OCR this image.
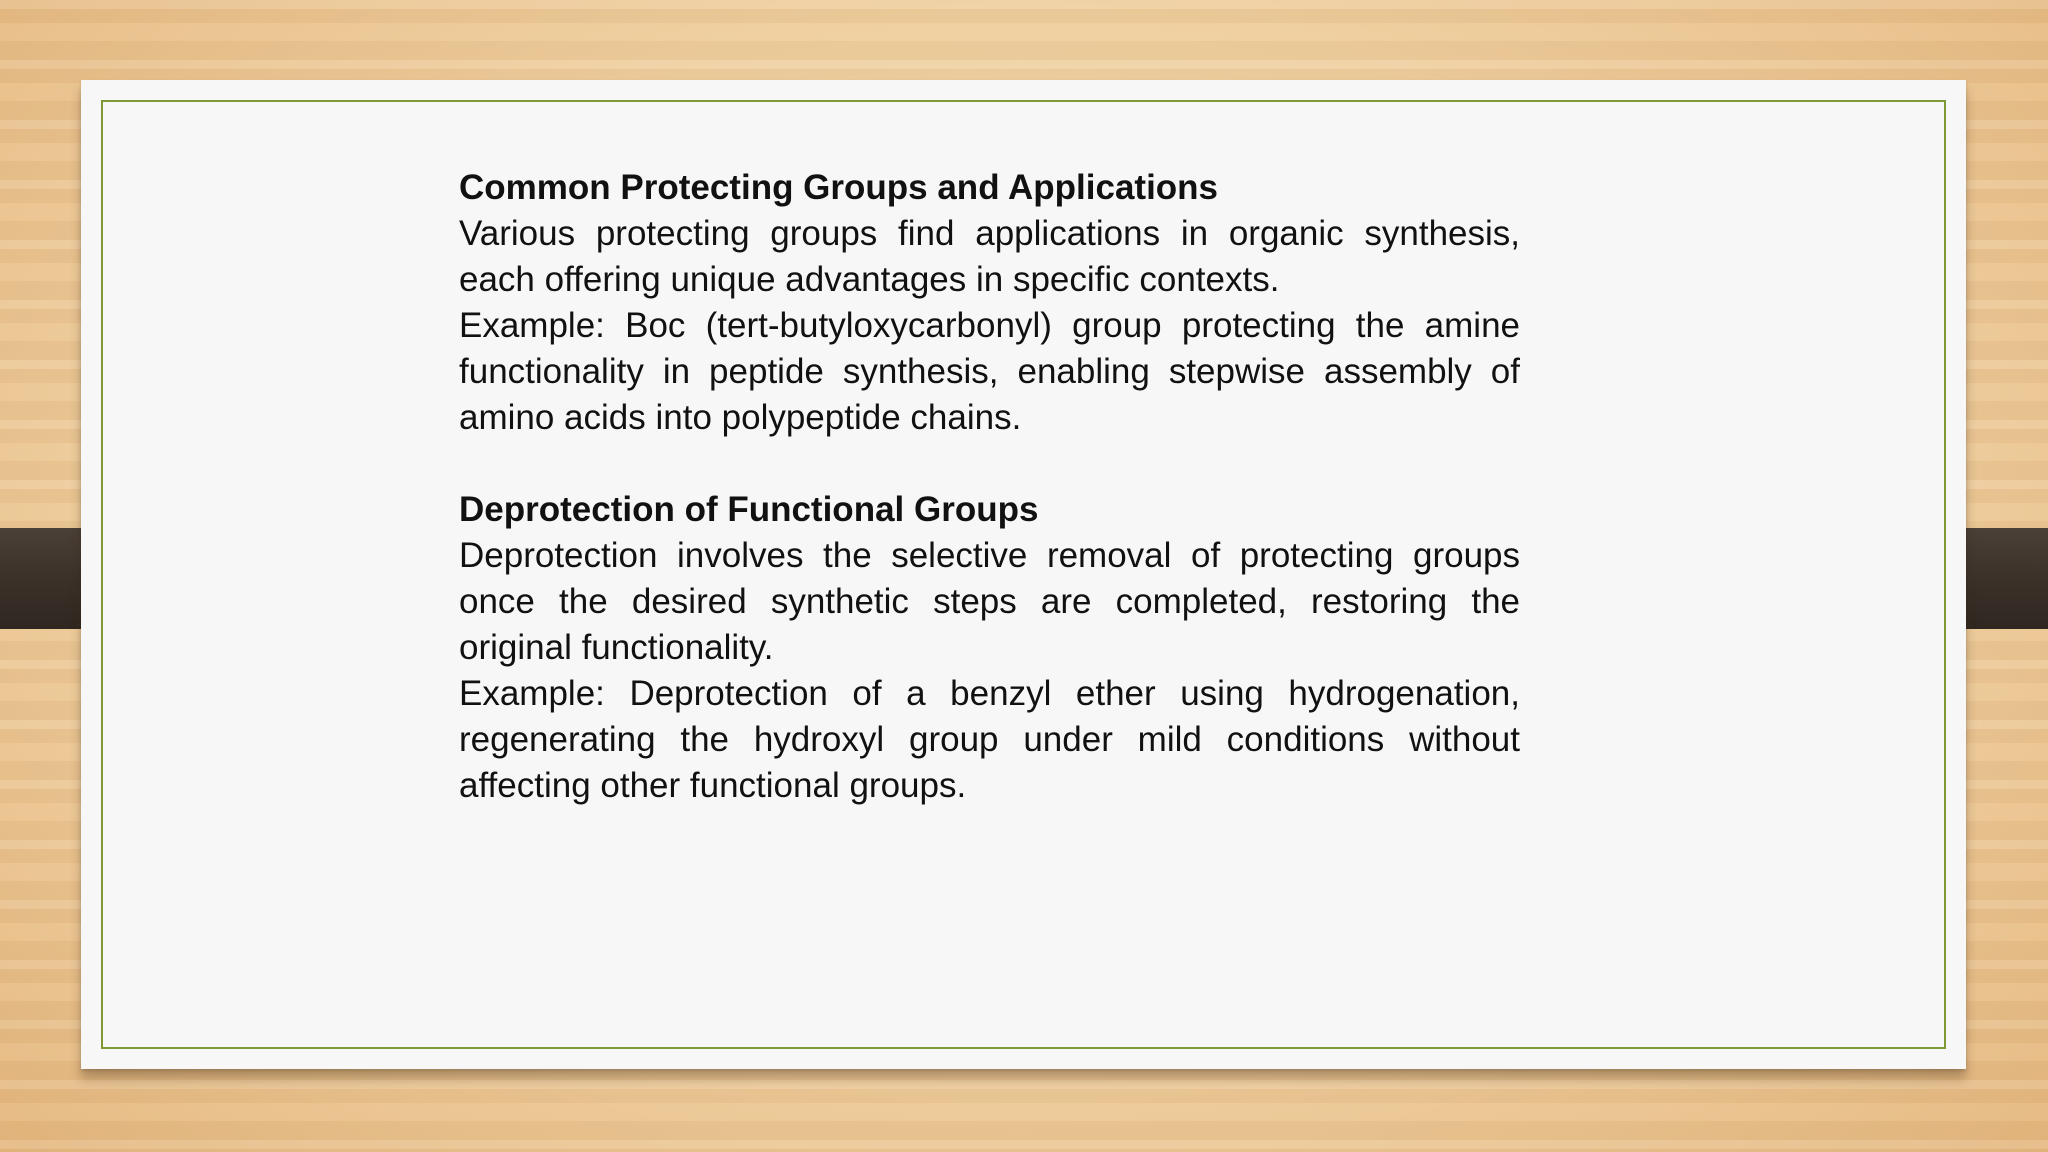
Common Protecting Groups and Applications

Various protecting groups find applications in organic synthesis, each offering unique advantages in specific contexts.

Example: Boc (tert-butyloxycarbonyl) group protecting the amine functionality in peptide synthesis, enabling stepwise assembly of amino acids into polypeptide chains.

Deprotection of Functional Groups

Deprotection involves the selective removal of protecting groups once the desired synthetic steps are completed, restoring the original functionality.

Example: Deprotection of a benzyl ether using hydrogenation, regenerating the hydroxyl group under mild conditions without affecting other functional groups.
